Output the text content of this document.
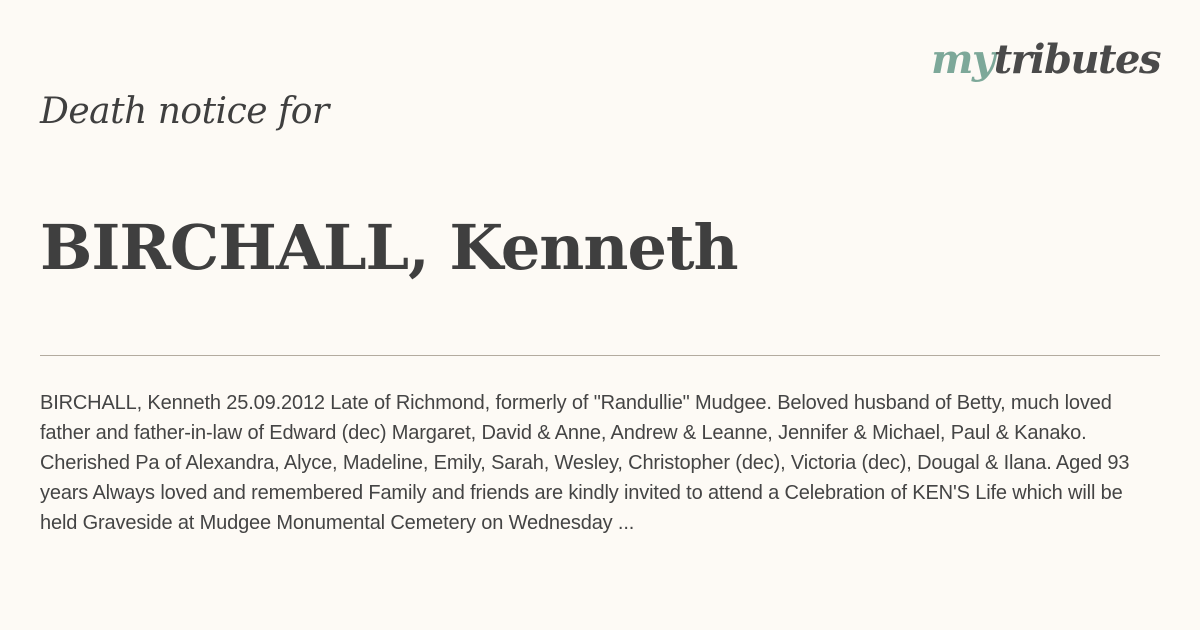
mytributes
Death notice for
BIRCHALL, Kenneth

BIRCHALL, Kenneth 25.09.2012 Late of Richmond, formerly of "Randullie" Mudgee. Beloved husband of Betty, much loved father and father-in-law of Edward (dec) Margaret, David & Anne, Andrew & Leanne, Jennifer & Michael, Paul & Kanako. Cherished Pa of Alexandra, Alyce, Madeline, Emily, Sarah, Wesley, Christopher (dec), Victoria (dec), Dougal & Ilana. Aged 93 years Always loved and remembered Family and friends are kindly invited to attend a Celebration of KEN'S Life which will be held Graveside at Mudgee Monumental Cemetery on Wednesday ...
